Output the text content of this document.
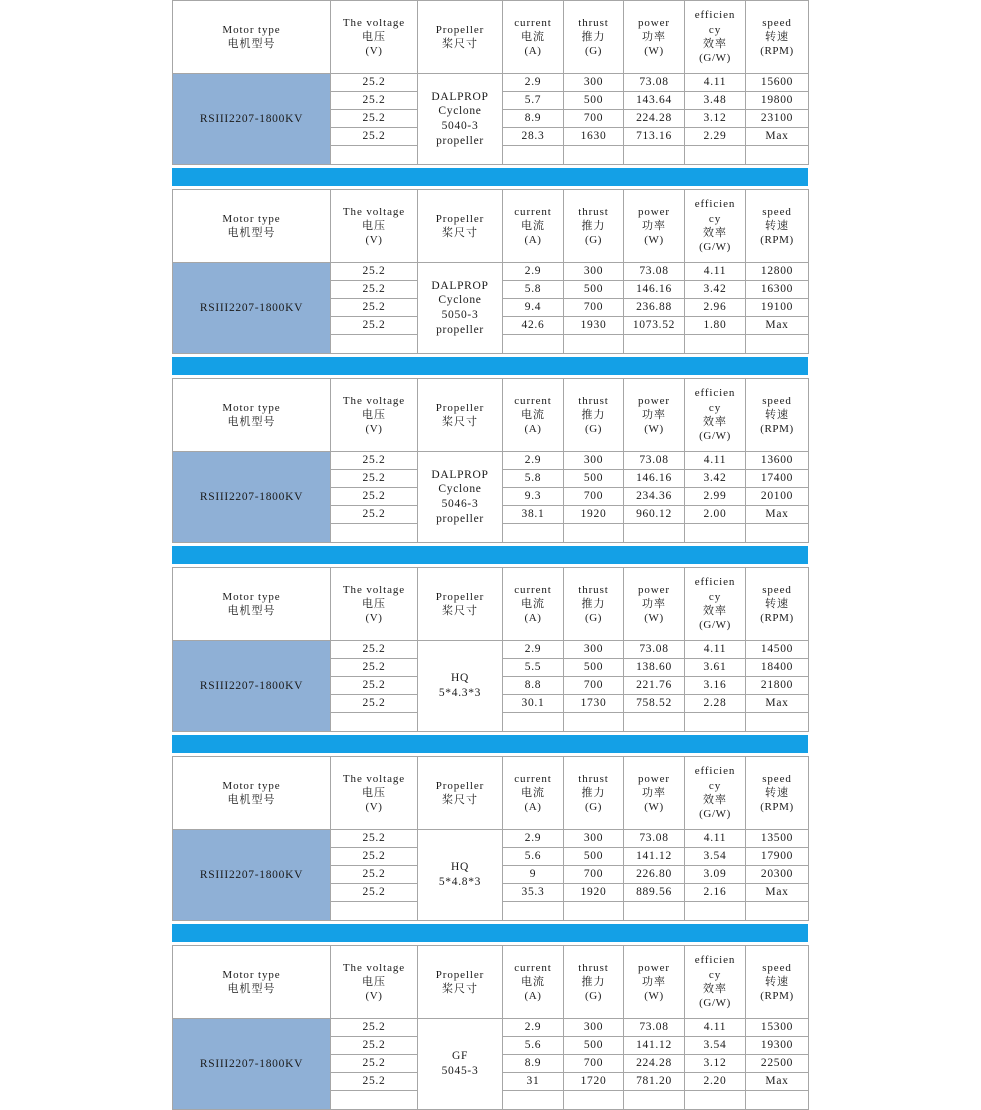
Motor type
电机型号	The voltage
电压
(V)	Propeller
桨尺寸	current
电流
(A)	thrust
推力
(G)	power
功率
(W)	efficien
cy
效率
(G/W)	speed
转速
(RPM)

RSIII2207-1800KV	25.2	DALPROP
Cyclone
5040-3
propeller	2.9	300	73.08	4.11	15600
	25.2		5.7	500	143.64	3.48	19800
	25.2		8.9	700	224.28	3.12	23100
	25.2		28.3	1630	713.16	2.29	Max

Motor type
电机型号	The voltage
电压
(V)	Propeller
桨尺寸	current
电流
(A)	thrust
推力
(G)	power
功率
(W)	efficien
cy
效率
(G/W)	speed
转速
(RPM)

RSIII2207-1800KV	25.2	DALPROP
Cyclone
5050-3
propeller	2.9	300	73.08	4.11	12800
	25.2		5.8	500	146.16	3.42	16300
	25.2		9.4	700	236.88	2.96	19100
	25.2		42.6	1930	1073.52	1.80	Max

Motor type
电机型号	The voltage
电压
(V)	Propeller
桨尺寸	current
电流
(A)	thrust
推力
(G)	power
功率
(W)	efficien
cy
效率
(G/W)	speed
转速
(RPM)

RSIII2207-1800KV	25.2	DALPROP
Cyclone
5046-3
propeller	2.9	300	73.08	4.11	13600
	25.2		5.8	500	146.16	3.42	17400
	25.2		9.3	700	234.36	2.99	20100
	25.2		38.1	1920	960.12	2.00	Max

Motor type
电机型号	The voltage
电压
(V)	Propeller
桨尺寸	current
电流
(A)	thrust
推力
(G)	power
功率
(W)	efficien
cy
效率
(G/W)	speed
转速
(RPM)

RSIII2207-1800KV	25.2	HQ
5*4.3*3	2.9	300	73.08	4.11	14500
	25.2		5.5	500	138.60	3.61	18400
	25.2		8.8	700	221.76	3.16	21800
	25.2		30.1	1730	758.52	2.28	Max

Motor type
电机型号	The voltage
电压
(V)	Propeller
桨尺寸	current
电流
(A)	thrust
推力
(G)	power
功率
(W)	efficien
cy
效率
(G/W)	speed
转速
(RPM)

RSIII2207-1800KV	25.2	HQ
5*4.8*3	2.9	300	73.08	4.11	13500
	25.2		5.6	500	141.12	3.54	17900
	25.2		9	700	226.80	3.09	20300
	25.2		35.3	1920	889.56	2.16	Max

Motor type
电机型号	The voltage
电压
(V)	Propeller
桨尺寸	current
电流
(A)	thrust
推力
(G)	power
功率
(W)	efficien
cy
效率
(G/W)	speed
转速
(RPM)

RSIII2207-1800KV	25.2	GF
5045-3	2.9	300	73.08	4.11	15300
	25.2		5.6	500	141.12	3.54	19300
	25.2		8.9	700	224.28	3.12	22500
	25.2		31	1720	781.20	2.20	Max
